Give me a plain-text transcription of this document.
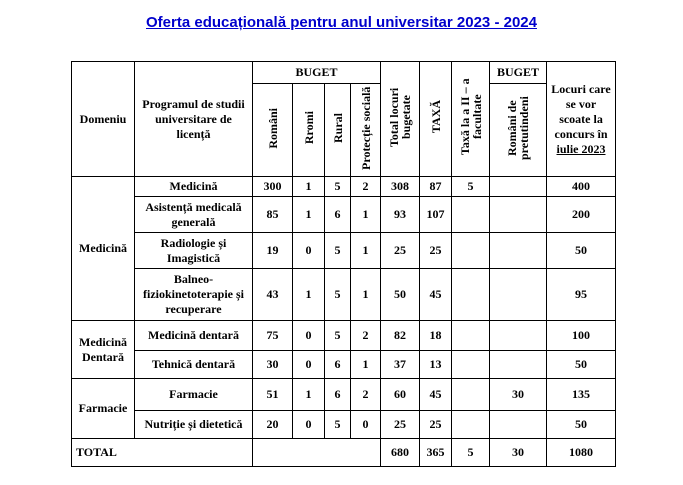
Oferta educațională pentru anul universitar 2023 - 2024
Domeniu	Programul de studii universitare de licență	BUGET				Total locuri bugetate	TAXĂ	Taxă la a II – a facultate	BUGET	Locuri care se vor scoate la concurs în iulie 2023
		Români	Rromi	Rural	Protecție socială				Români de pretutindeni	
Medicină	Medicină	300	1	5	2	308	87	5		400
	Asistență medicală generală	85	1	6	1	93	107			200
	Radiologie și Imagistică	19	0	5	1	25	25			50
	Balneo-fiziokinetoterapie și recuperare	43	1	5	1	50	45			95
Medicină Dentară	Medicină dentară	75	0	5	2	82	18			100
	Tehnică dentară	30	0	6	1	37	13			50
Farmacie	Farmacie	51	1	6	2	60	45		30	135
	Nutriție și dietetică	20	0	5	0	25	25			50
TOTAL						680	365	5	30	1080
